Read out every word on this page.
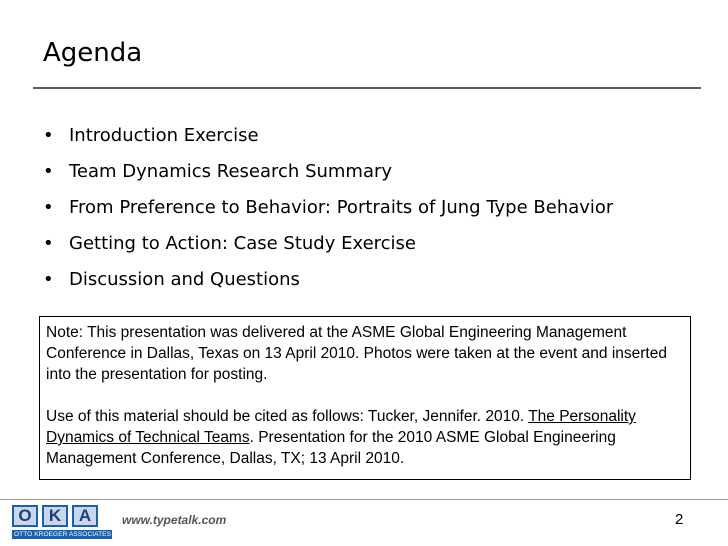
Agenda
• Introduction Exercise
• Team Dynamics Research Summary
• From Preference to Behavior: Portraits of Jung Type Behavior
• Getting to Action: Case Study Exercise
• Discussion and Questions

Note: This presentation was delivered at the ASME Global Engineering Management Conference in Dallas, Texas on 13 April 2010. Photos were taken at the event and inserted into the presentation for posting.

Use of this material should be cited as follows: Tucker, Jennifer. 2010. The Personality Dynamics of Technical Teams. Presentation for the 2010 ASME Global Engineering Management Conference, Dallas, TX; 13 April 2010.

O	K	A
OTTO KROEGER ASSOCIATES
www.typetalk.com	2
